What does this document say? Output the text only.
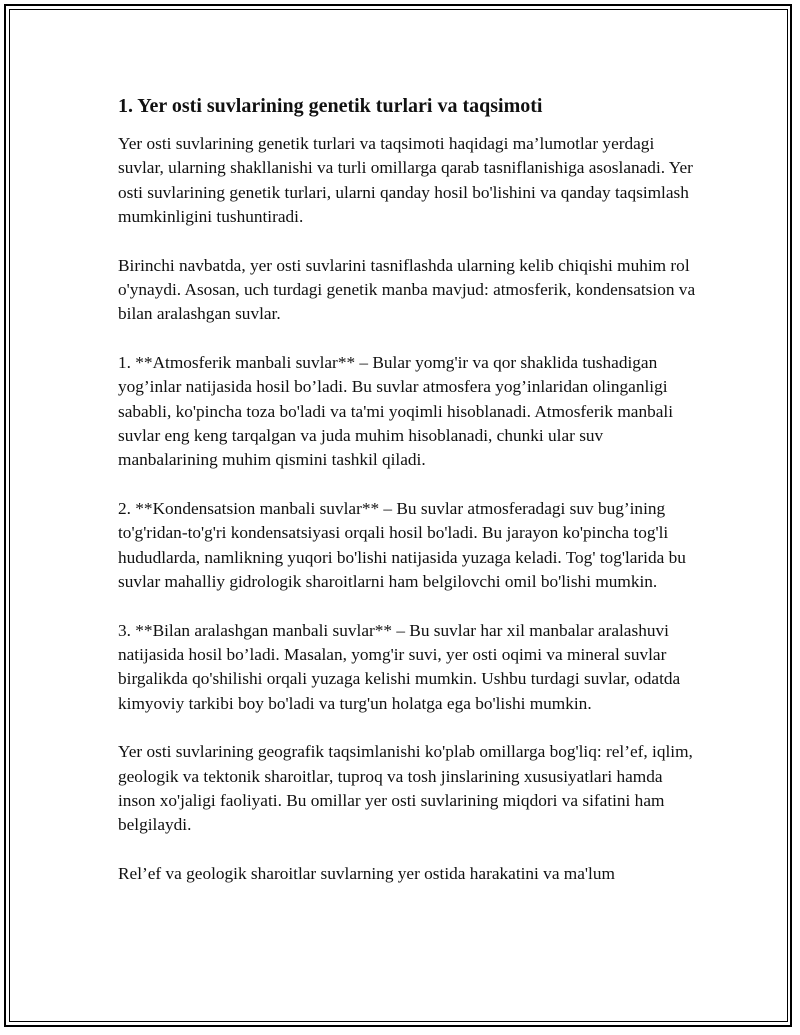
1. Yer osti suvlarining genetik turlari va taqsimoti

Yer osti suvlarining genetik turlari va taqsimoti haqidagi ma’lumotlar yerdagi suvlar, ularning shakllanishi va turli omillarga qarab tasniflanishiga asoslanadi. Yer osti suvlarining genetik turlari, ularni qanday hosil bo'lishini va qanday taqsimlash mumkinligini tushuntiradi.

Birinchi navbatda, yer osti suvlarini tasniflashda ularning kelib chiqishi muhim rol o'ynaydi. Asosan, uch turdagi genetik manba mavjud: atmosferik, kondensatsion va bilan aralashgan suvlar.

1. **Atmosferik manbali suvlar** – Bular yomg'ir va qor shaklida tushadigan yog’inlar natijasida hosil bo’ladi. Bu suvlar atmosfera yog’inlaridan olinganligi sababli, ko'pincha toza bo'ladi va ta'mi yoqimli hisoblanadi. Atmosferik manbali suvlar eng keng tarqalgan va juda muhim hisoblanadi, chunki ular suv manbalarining muhim qismini tashkil qiladi.

2. **Kondensatsion manbali suvlar** – Bu suvlar atmosferadagi suv bug’ining to'g'ridan-to'g'ri kondensatsiyasi orqali hosil bo'ladi. Bu jarayon ko'pincha tog'li hududlarda, namlikning yuqori bo'lishi natijasida yuzaga keladi. Tog' tog'larida bu suvlar mahalliy gidrologik sharoitlarni ham belgilovchi omil bo'lishi mumkin.

3. **Bilan aralashgan manbali suvlar** – Bu suvlar har xil manbalar aralashuvi natijasida hosil bo’ladi. Masalan, yomg'ir suvi, yer osti oqimi va mineral suvlar birgalikda qo'shilishi orqali yuzaga kelishi mumkin. Ushbu turdagi suvlar, odatda kimyoviy tarkibi boy bo'ladi va turg'un holatga ega bo'lishi mumkin.

Yer osti suvlarining geografik taqsimlanishi ko'plab omillarga bog'liq: rel’ef, iqlim, geologik va tektonik sharoitlar, tuproq va tosh jinslarining xususiyatlari hamda inson xo'jaligi faoliyati. Bu omillar yer osti suvlarining miqdori va sifatini ham belgilaydi.

Rel’ef va geologik sharoitlar suvlarning yer ostida harakatini va ma'lum
